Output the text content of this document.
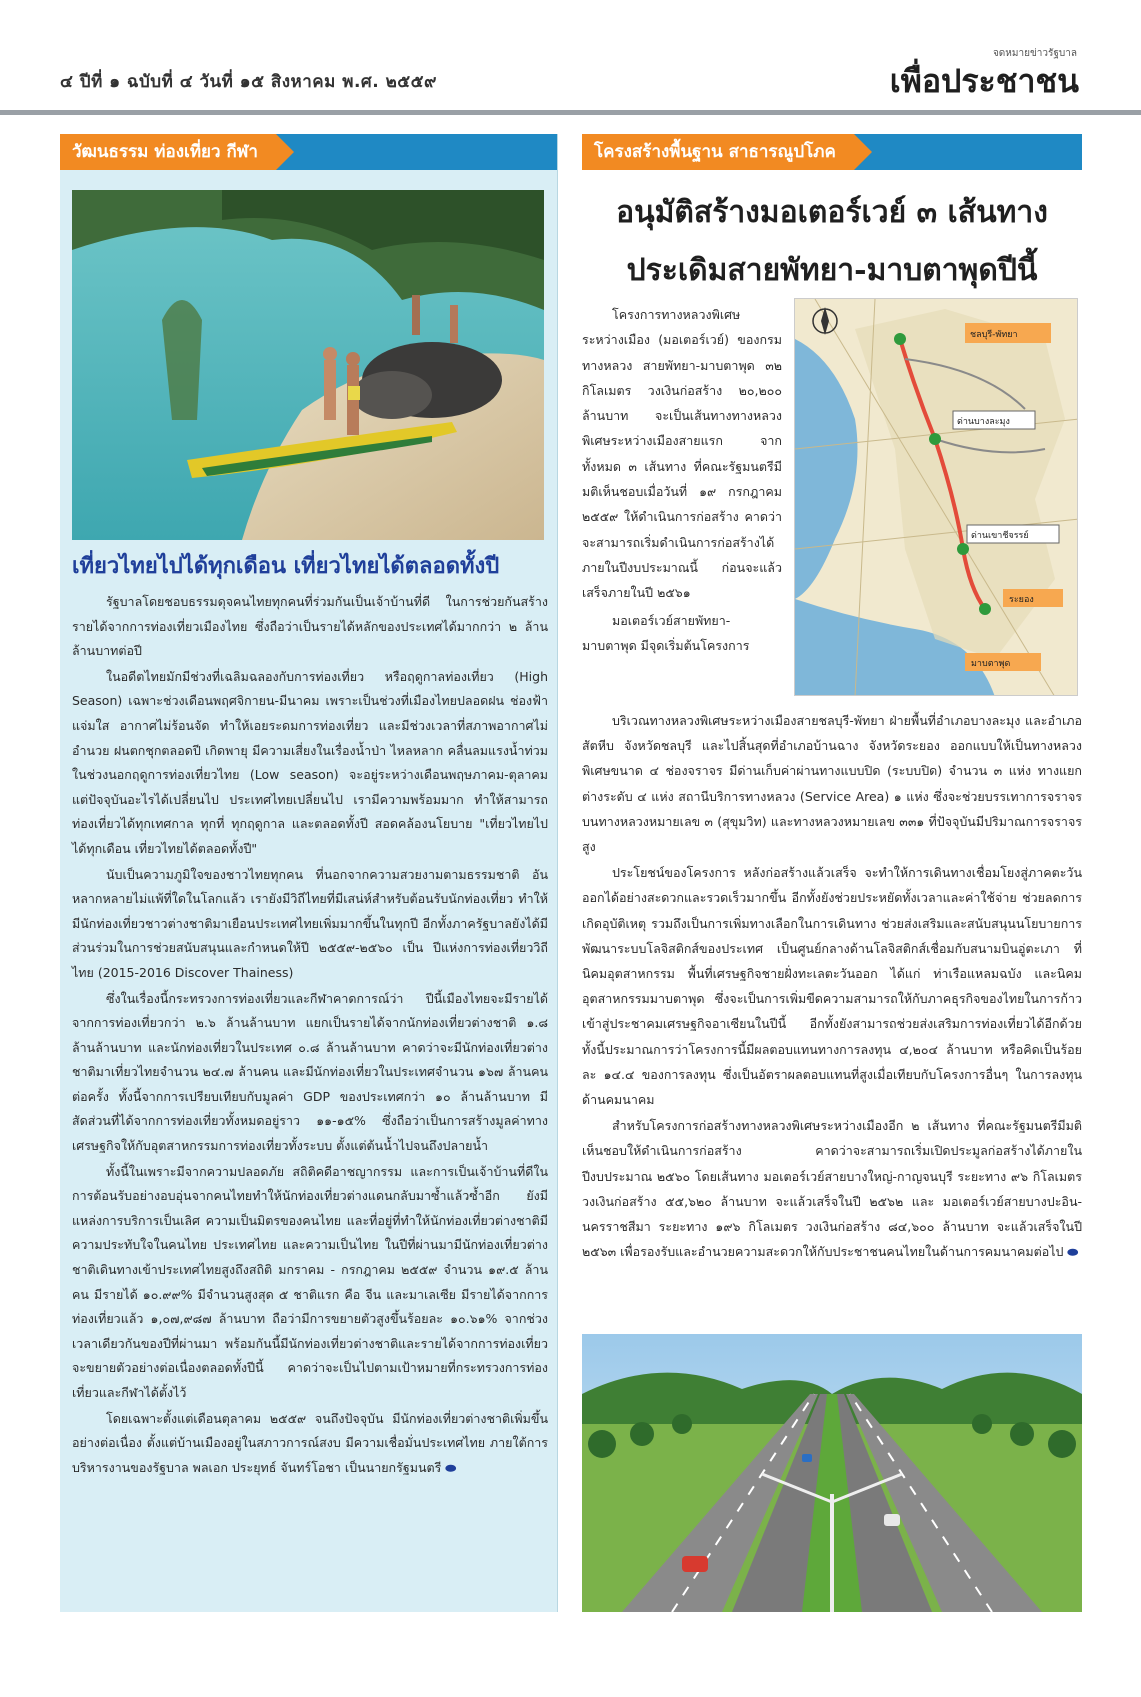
๔ ปีที่ ๑ ฉบับที่ ๔ วันที่ ๑๕ สิงหาคม พ.ศ. ๒๕๕๙
จดหมายข่าวรัฐบาล
เพื่อประชาชน
วัฒนธรรม ท่องเที่ยว กีฬา
เที่ยวไทยไปได้ทุกเดือน เที่ยวไทยได้ตลอดทั้งปี

รัฐบาลโดยชอบธรรมดุจคนไทยทุกคนที่ร่วมกันเป็นเจ้าบ้านที่ดี ในการช่วยกันสร้างรายได้จากการท่องเที่ยวเมืองไทย ซึ่งถือว่าเป็นรายได้หลักของประเทศได้มากกว่า ๒ ล้านล้านบาทต่อปี

ในอดีตไทยมักมีช่วงที่เฉลิมฉลองกับการท่องเที่ยว หรือฤดูกาลท่องเที่ยว (High Season) เฉพาะช่วงเดือนพฤศจิกายน-มีนาคม เพราะเป็นช่วงที่เมืองไทยปลอดฝน ช่องฟ้าแจ่มใส อากาศไม่ร้อนจัด ทำให้เอยระดมการท่องเที่ยว และมีช่วงเวลาที่สภาพอากาศไม่อำนวย ฝนตกชุกตลอดปี เกิดพายุ มีความเสี่ยงในเรื่องน้ำป่า ไหลหลาก คลื่นลมแรงน้ำท่วม ในช่วงนอกฤดูการท่องเที่ยวไทย (Low season) จะอยู่ระหว่างเดือนพฤษภาคม-ตุลาคม แต่ปัจจุบันอะไรได้เปลี่ยนไป ประเทศไทยเปลี่ยนไป เรามีความพร้อมมาก ทำให้สามารถท่องเที่ยวได้ทุกเทศกาล ทุกที่ ทุกฤดูกาล และตลอดทั้งปี สอดคล้องนโยบาย "เที่ยวไทยไปได้ทุกเดือน เที่ยวไทยได้ตลอดทั้งปี"

นับเป็นความภูมิใจของชาวไทยทุกคน ที่นอกจากความสวยงามตามธรรมชาติ อันหลากหลายไม่แพ้ที่ใดในโลกแล้ว เรายังมีวิถีไทยที่มีเสน่ห์สำหรับต้อนรับนักท่องเที่ยว ทำให้มีนักท่องเที่ยวชาวต่างชาติมาเยือนประเทศไทยเพิ่มมากขึ้นในทุกปี อีกทั้งภาครัฐบาลยังได้มีส่วนร่วมในการช่วยสนับสนุนและกำหนดให้ปี ๒๕๕๙-๒๕๖๐ เป็น ปีแห่งการท่องเที่ยววิถีไทย (2015-2016 Discover Thainess)

ซึ่งในเรื่องนี้กระทรวงการท่องเที่ยวและกีฬาคาดการณ์ว่า ปีนี้เมืองไทยจะมีรายได้จากการท่องเที่ยวกว่า ๒.๖ ล้านล้านบาท แยกเป็นรายได้จากนักท่องเที่ยวต่างชาติ ๑.๘ ล้านล้านบาท และนักท่องเที่ยวในประเทศ ๐.๘ ล้านล้านบาท คาดว่าจะมีนักท่องเที่ยวต่างชาติมาเที่ยวไทยจำนวน ๒๔.๗ ล้านคน และมีนักท่องเที่ยวในประเทศจำนวน ๑๖๗ ล้านคนต่อครั้ง ทั้งนี้จากการเปรียบเทียบกับมูลค่า GDP ของประเทศกว่า ๑๐ ล้านล้านบาท มีสัดส่วนที่ได้จากการท่องเที่ยวทั้งหมดอยู่ราว ๑๑-๑๕% ซึ่งถือว่าเป็นการสร้างมูลค่าทางเศรษฐกิจให้กับอุตสาหกรรมการท่องเที่ยวทั้งระบบ ตั้งแต่ต้นน้ำไปจนถึงปลายน้ำ

ทั้งนี้ในเพราะมีจากความปลอดภัย สถิติคดีอาชญากรรม และการเป็นเจ้าบ้านที่ดีในการต้อนรับอย่างอบอุ่นจากคนไทยทำให้นักท่องเที่ยวต่างแดนกลับมาซ้ำแล้วซ้ำอีก ยังมีแหล่งการบริการเป็นเลิศ ความเป็นมิตรของคนไทย และที่อยู่ที่ทำให้นักท่องเที่ยวต่างชาติมีความประทับใจในคนไทย ประเทศไทย และความเป็นไทย ในปีที่ผ่านมามีนักท่องเที่ยวต่างชาติเดินทางเข้าประเทศไทยสูงถึงสถิติ มกราคม - กรกฎาคม ๒๕๕๙ จำนวน ๑๙.๕ ล้านคน มีรายได้ ๑๐.๙๙% มีจำนวนสูงสุด ๕ ชาติแรก คือ จีน และมาเลเซีย มีรายได้จากการท่องเที่ยวแล้ว ๑,๐๗,๙๘๗ ล้านบาท ถือว่ามีการขยายตัวสูงขึ้นร้อยละ ๑๐.๖๑% จากช่วงเวลาเดียวกันของปีที่ผ่านมา พร้อมกันนี้มีนักท่องเที่ยวต่างชาติและรายได้จากการท่องเที่ยว จะขยายตัวอย่างต่อเนื่องตลอดทั้งปีนี้ คาดว่าจะเป็นไปตามเป้าหมายที่กระทรวงการท่องเที่ยวและกีฬาได้ตั้งไว้

โดยเฉพาะตั้งแต่เดือนตุลาคม ๒๕๕๙ จนถึงปัจจุบัน มีนักท่องเที่ยวต่างชาติเพิ่มขึ้นอย่างต่อเนื่อง ตั้งแต่บ้านเมืองอยู่ในสภาวการณ์สงบ มีความเชื่อมั่นประเทศไทย ภายใต้การบริหารงานของรัฐบาล พลเอก ประยุทธ์ จันทร์โอชา เป็นนายกรัฐมนตรี ⬬

โครงสร้างพื้นฐาน สาธารณูปโภค
อนุมัติสร้างมอเตอร์เวย์ ๓ เส้นทาง
ประเดิมสายพัทยา-มาบตาพุดปีนี้
ชลบุรี-พัทยา
ด่านบางละมุง
ด่านเขาชีจรรย์
ระยอง
มาบตาพุด

โครงการทางหลวงพิเศษระหว่างเมือง (มอเตอร์เวย์) ของกรมทางหลวง สายพัทยา-มาบตาพุด ๓๒ กิโลเมตร วงเงินก่อสร้าง ๒๐,๒๐๐ ล้านบาท จะเป็นเส้นทางทางหลวงพิเศษระหว่างเมืองสายแรก จากทั้งหมด ๓ เส้นทาง ที่คณะรัฐมนตรีมีมติเห็นชอบเมื่อวันที่ ๑๙ กรกฎาคม ๒๕๕๙ ให้ดำเนินการก่อสร้าง คาดว่าจะสามารถเริ่มดำเนินการก่อสร้างได้ภายในปีงบประมาณนี้ ก่อนจะแล้วเสร็จภายในปี ๒๕๖๑

มอเตอร์เวย์สายพัทยา-มาบตาพุด มีจุดเริ่มต้นโครงการ

บริเวณทางหลวงพิเศษระหว่างเมืองสายชลบุรี-พัทยา ฝ่ายพื้นที่อำเภอบางละมุง และอำเภอสัตหีบ จังหวัดชลบุรี และไปสิ้นสุดที่อำเภอบ้านฉาง จังหวัดระยอง ออกแบบให้เป็นทางหลวงพิเศษขนาด ๔ ช่องจราจร มีด่านเก็บค่าผ่านทางแบบปิด (ระบบปิด) จำนวน ๓ แห่ง ทางแยกต่างระดับ ๔ แห่ง สถานีบริการทางหลวง (Service Area) ๑ แห่ง ซึ่งจะช่วยบรรเทาการจราจรบนทางหลวงหมายเลข ๓ (สุขุมวิท) และทางหลวงหมายเลข ๓๓๑ ที่ปัจจุบันมีปริมาณการจราจรสูง

ประโยชน์ของโครงการ หลังก่อสร้างแล้วเสร็จ จะทำให้การเดินทางเชื่อมโยงสู่ภาคตะวันออกได้อย่างสะดวกและรวดเร็วมากขึ้น อีกทั้งยังช่วยประหยัดทั้งเวลาและค่าใช้จ่าย ช่วยลดการเกิดอุบัติเหตุ รวมถึงเป็นการเพิ่มทางเลือกในการเดินทาง ช่วยส่งเสริมและสนับสนุนนโยบายการพัฒนาระบบโลจิสติกส์ของประเทศ เป็นศูนย์กลางด้านโลจิสติกส์เชื่อมกับสนามบินอู่ตะเภา ที่นิคมอุตสาหกรรม พื้นที่เศรษฐกิจชายฝั่งทะเลตะวันออก ได้แก่ ท่าเรือแหลมฉบัง และนิคมอุตสาหกรรมมาบตาพุด ซึ่งจะเป็นการเพิ่มขีดความสามารถให้กับภาคธุรกิจของไทยในการก้าวเข้าสู่ประชาคมเศรษฐกิจอาเซียนในปีนี้ อีกทั้งยังสามารถช่วยส่งเสริมการท่องเที่ยวได้อีกด้วย ทั้งนี้ประมาณการว่าโครงการนี้มีผลตอบแทนทางการลงทุน ๔,๒๐๔ ล้านบาท หรือคิดเป็นร้อยละ ๑๔.๔ ของการลงทุน ซึ่งเป็นอัตราผลตอบแทนที่สูงเมื่อเทียบกับโครงการอื่นๆ ในการลงทุนด้านคมนาคม

สำหรับโครงการก่อสร้างทางหลวงพิเศษระหว่างเมืองอีก ๒ เส้นทาง ที่คณะรัฐมนตรีมีมติเห็นชอบให้ดำเนินการก่อสร้าง คาดว่าจะสามารถเริ่มเปิดประมูลก่อสร้างได้ภายในปีงบประมาณ ๒๕๖๐ โดยเส้นทาง มอเตอร์เวย์สายบางใหญ่-กาญจนบุรี ระยะทาง ๙๖ กิโลเมตร วงเงินก่อสร้าง ๕๕,๖๒๐ ล้านบาท จะแล้วเสร็จในปี ๒๕๖๒ และ มอเตอร์เวย์สายบางปะอิน-นครราชสีมา ระยะทาง ๑๙๖ กิโลเมตร วงเงินก่อสร้าง ๘๔,๖๐๐ ล้านบาท จะแล้วเสร็จในปี ๒๕๖๓ เพื่อรองรับและอำนวยความสะดวกให้กับประชาชนคนไทยในด้านการคมนาคมต่อไป ⬬
